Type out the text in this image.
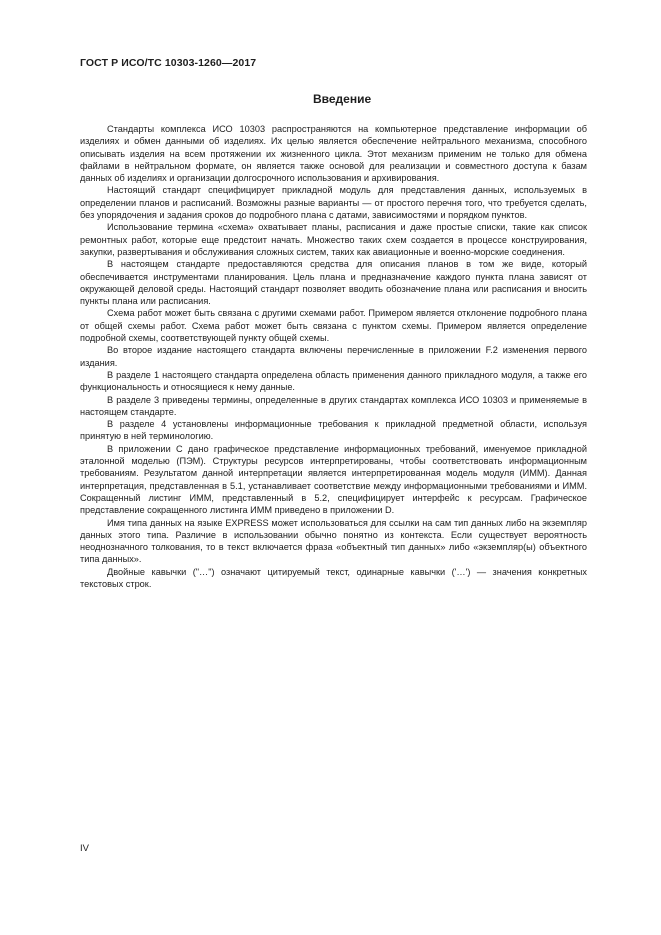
ГОСТ Р ИСО/ТС 10303-1260—2017
Введение

Стандарты комплекса ИСО 10303 распространяются на компьютерное представление информации об изделиях и обмен данными об изделиях. Их целью является обеспечение нейтрального механизма, способного описывать изделия на всем протяжении их жизненного цикла. Этот механизм применим не только для обмена файлами в нейтральном формате, он является также основой для реализации и совместного доступа к базам данных об изделиях и организации долгосрочного использования и архивирования.

Настоящий стандарт специфицирует прикладной модуль для представления данных, используемых в определении планов и расписаний. Возможны разные варианты — от простого перечня того, что требуется сделать, без упорядочения и задания сроков до подробного плана с датами, зависимостями и порядком пунктов.

Использование термина «схема» охватывает планы, расписания и даже простые списки, такие как список ремонтных работ, которые еще предстоит начать. Множество таких схем создается в процессе конструирования, закупки, развертывания и обслуживания сложных систем, таких как авиационные и военно-морские соединения.

В настоящем стандарте предоставляются средства для описания планов в том же виде, который обеспечивается инструментами планирования. Цель плана и предназначение каждого пункта плана зависят от окружающей деловой среды. Настоящий стандарт позволяет вводить обозначение плана или расписания и вносить пункты плана или расписания.

Схема работ может быть связана с другими схемами работ. Примером является отклонение подробного плана от общей схемы работ. Схема работ может быть связана с пунктом схемы. Примером является определение подробной схемы, соответствующей пункту общей схемы.

Во второе издание настоящего стандарта включены перечисленные в приложении F.2 изменения первого издания.

В разделе 1 настоящего стандарта определена область применения данного прикладного модуля, а также его функциональность и относящиеся к нему данные.

В разделе 3 приведены термины, определенные в других стандартах комплекса ИСО 10303 и применяемые в настоящем стандарте.

В разделе 4 установлены информационные требования к прикладной предметной области, используя принятую в ней терминологию.

В приложении С дано графическое представление информационных требований, именуемое прикладной эталонной моделью (ПЭМ). Структуры ресурсов интерпретированы, чтобы соответствовать информационным требованиям. Результатом данной интерпретации является интерпретированная модель модуля (ИММ). Данная интерпретация, представленная в 5.1, устанавливает соответствие между информационными требованиями и ИММ. Сокращенный листинг ИММ, представленный в 5.2, специфицирует интерфейс к ресурсам. Графическое представление сокращенного листинга ИММ приведено в приложении D.

Имя типа данных на языке EXPRESS может использоваться для ссылки на сам тип данных либо на экземпляр данных этого типа. Различие в использовании обычно понятно из контекста. Если существует вероятность неоднозначного толкования, то в текст включается фраза «объектный тип данных» либо «экземпляр(ы) объектного типа данных».

Двойные кавычки ("…") означают цитируемый текст, одинарные кавычки ('…') — значения конкретных текстовых строк.

IV
